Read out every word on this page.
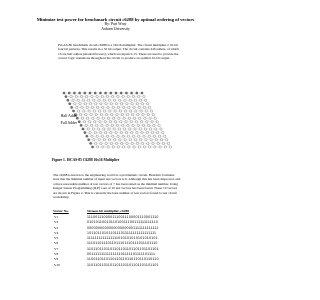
Minimize test power for benchmark circuit c6288 by optimal ordering of vectors
By: Puri Wray
Auburn University
ISCAS-85 benchmark circuit c6288 is a 16x16 multiplier. The circuit multiplies 2 16-bit four bit patterns. This results in a 32 bit output. The circuit contains 240 adders, of which 16 are half adders (shaded flowers), which are inputs 0-15. These are used to provide the correct logic transitions throughout the circuit to produce an optimal 32-bit output.
Half Adder
Full Adder
Figure 1. ISCAS-85 C6288 16x16 Multiplier
The c6288 is known to the engineering world as a problematic circuit. Heuristic formulas state that the minimal number of input test vectors is 6. Although this has been disproved, and a more reasonable number of test vectors of 7 has been stated as the minimal number. Using Integer Linear Programming (ILP) a set of 10 test vectors has been found. These 10 vectors are shown in Figure 2. This is currently the least number of test vectors found to test circuit workability.
Vector No.	Sixteen-bit multiplier, c6288
V1	1110011100001110011100001110001110
V2	0101011001011010011100111111111110
V3	0000000000000000000001111111111111
V4	1011011010110111011111111111111111
V5	1111111111111111010101010101010101
V6	1110110111011011101110111011101110
V7	1101101101101101101101101101101101
V8	0011111111111111101111101111101111
V9	1100110110110110110110110110110110
V10	1101101101101101101101101101101101
